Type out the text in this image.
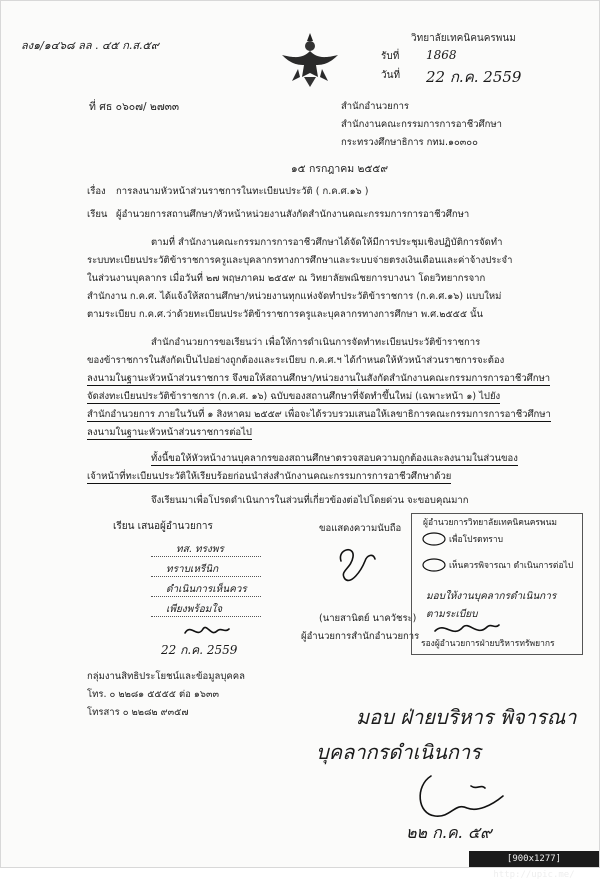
ลง๑/๑๔๖๘ ลล . ๔๕ ก.ส.๕๙
วิทยาลัยเทคนิคนครพนม
รับที่ 1868
วันที่ 22 ก.ค. 2559
ที่ ศธ ๐๖๐๗/ ๒๗๓๓	สำนักอำนวยการ
สำนักงานคณะกรรมการการอาชีวศึกษา
กระทรวงศึกษาธิการ กทม.๑๐๓๐๐
๑๕ กรกฎาคม ๒๕๕๙
เรื่อง การลงนามหัวหน้าส่วนราชการในทะเบียนประวัติ ( ก.ค.ศ.๑๖ )
เรียน ผู้อำนวยการสถานศึกษา/หัวหน้าหน่วยงานสังกัดสำนักงานคณะกรรมการการอาชีวศึกษา
ตามที่ สำนักงานคณะกรรมการการอาชีวศึกษาได้จัดให้มีการประชุมเชิงปฏิบัติการจัดทำ
ระบบทะเบียนประวัติข้าราชการครูและบุคลากรทางการศึกษาและระบบจ่ายตรงเงินเดือนและค่าจ้างประจำ
ในส่วนงานบุคลากร เมื่อวันที่ ๒๗ พฤษภาคม ๒๕๕๙ ณ วิทยาลัยพณิชยการบางนา โดยวิทยากรจาก
สำนักงาน ก.ค.ศ. ได้แจ้งให้สถานศึกษา/หน่วยงานทุกแห่งจัดทำประวัติข้าราชการ (ก.ค.ศ.๑๖) แบบใหม่
ตามระเบียบ ก.ค.ศ.ว่าด้วยทะเบียนประวัติข้าราชการครูและบุคลากรทางการศึกษา พ.ศ.๒๕๕๕ นั้น
สำนักอำนวยการขอเรียนว่า เพื่อให้การดำเนินการจัดทำทะเบียนประวัติข้าราชการ
ของข้าราชการในสังกัดเป็นไปอย่างถูกต้องและระเบียบ ก.ค.ศ.ฯ ได้กำหนดให้หัวหน้าส่วนราชการจะต้อง
ลงนามในฐานะหัวหน้าส่วนราชการ จึงขอให้สถานศึกษา/หน่วยงานในสังกัดสำนักงานคณะกรรมการการอาชีวศึกษา
จัดส่งทะเบียนประวัติข้าราชการ (ก.ค.ศ. ๑๖) ฉบับของสถานศึกษาที่จัดทำขึ้นใหม่ (เฉพาะหน้า ๑) ไปยัง
สำนักอำนวยการ ภายในวันที่ ๑ สิงหาคม ๒๕๕๙ เพื่อจะได้รวบรวมเสนอให้เลขาธิการคณะกรรมการการอาชีวศึกษา
ลงนามในฐานะหัวหน้าส่วนราชการต่อไป
ทั้งนี้ขอให้หัวหน้างานบุคลากรของสถานศึกษาตรวจสอบความถูกต้องและลงนามในส่วนของ
เจ้าหน้าที่ทะเบียนประวัติให้เรียบร้อยก่อนนำส่งสำนักงานคณะกรรมการการอาชีวศึกษาด้วย
จึงเรียนมาเพื่อโปรดดำเนินการในส่วนที่เกี่ยวข้องต่อไปโดยด่วน จะขอบคุณมาก
เรียน เสนอผู้อำนวยการ
ทส. ทรงพร
ทราบเหรีนิก
ดำเนินการเห็นควร
เพียงพร้อมใจ
22 ก.ค. 2559
ขอแสดงความนับถือ
(นายสานิตย์ นาควัชระ)
ผู้อำนวยการสำนักอำนวยการ
ผู้อำนวยการวิทยาลัยเทคนิคนครพนม
เพื่อโปรดทราบ
เห็นควรพิจารณา ดำเนินการต่อไป
มอบให้งานบุคลากรดำเนินการ
ตามระเบียบ
รองผู้อำนวยการฝ่ายบริหารทรัพยากร
กลุ่มงานสิทธิประโยชน์และข้อมูลบุคคล
โทร. ๐ ๒๒๘๑ ๕๕๕๕ ต่อ ๑๖๓๓
โทรสาร ๐ ๒๒๘๒ ๙๓๕๗	มอบ ฝ่ายบริหาร พิจารณา
บุคลากรดำเนินการ
๒๒ ก.ค. ๕๙
[900x1277] http://upic.me/
